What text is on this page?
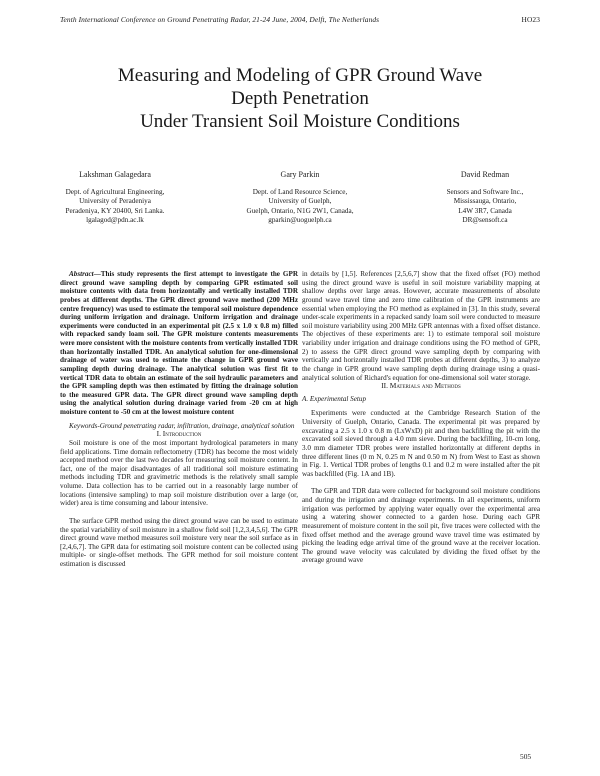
Tenth International Conference on Ground Penetrating Radar, 21-24 June, 2004, Delft, The Netherlands	HO23
Measuring and Modeling of GPR Ground Wave
Depth Penetration
Under Transient Soil Moisture Conditions
Lakshman Galagedara
Dept. of Agricultural Engineering,
University of Peradeniya
Peradeniya, KY 20400, Sri Lanka.
lgalagod@pdn.ac.lk
Gary Parkin
Dept. of Land Resource Science,
University of Guelph,
Guelph, Ontario, N1G 2W1, Canada,
gparkin@uoguelph.ca
David Redman
Sensors and Software Inc.,
Mississauga, Ontario,
L4W 3R7, Canada
DR@sensoft.ca

Abstract—This study represents the first attempt to investigate the GPR direct ground wave sampling depth by comparing GPR estimated soil moisture contents with data from horizontally and vertically installed TDR probes at different depths. The GPR direct ground wave method (200 MHz centre frequency) was used to estimate the temporal soil moisture dependence during uniform irrigation and drainage. Uniform irrigation and drainage experiments were conducted in an experimental pit (2.5 x 1.0 x 0.8 m) filled with repacked sandy loam soil. The GPR moisture contents measurements were more consistent with the moisture contents from vertically installed TDR than horizontally installed TDR. An analytical solution for one-dimensional drainage of water was used to estimate the change in GPR ground wave sampling depth during drainage. The analytical solution was first fit to vertical TDR data to obtain an estimate of the soil hydraulic parameters and the GPR sampling depth was then estimated by fitting the drainage solution to the measured GPR data. The GPR direct ground wave sampling depth using the analytical solution during drainage varied from -20 cm at high moisture content to -50 cm at the lowest moisture content

Keywords-Ground penetrating radar, infiltration, drainage, analytical solution

I. Introduction

Soil moisture is one of the most important hydrological parameters in many field applications. Time domain reflectometry (TDR) has become the most widely accepted method over the last two decades for measuring soil moisture content. In fact, one of the major disadvantages of all traditional soil moisture estimating methods including TDR and gravimetric methods is the relatively small sample volume. Data collection has to be carried out in a reasonably large number of locations (intensive sampling) to map soil moisture distribution over a large (or, wider) area is time consuming and labour intensive.

The surface GPR method using the direct ground wave can be used to estimate the spatial variability of soil moisture in a shallow field soil [1,2,3,4,5,6]. The GPR direct ground wave method measures soil moisture very near the soil surface as in [2,4,6,7]. The GPR data for estimating soil moisture content can be collected using multiple- or single-offset methods. The GPR method for soil moisture content estimation is discussed

in details by [1,5]. References [2,5,6,7] show that the fixed offset (FO) method using the direct ground wave is useful in soil moisture variability mapping at shallow depths over large areas. However, accurate measurements of absolute ground wave travel time and zero time calibration of the GPR instruments are essential when employing the FO method as explained in [3]. In this study, several under-scale experiments in a repacked sandy loam soil were conducted to measure soil moisture variability using 200 MHz GPR antennas with a fixed offset distance. The objectives of these experiments are: 1) to estimate temporal soil moisture variability under irrigation and drainage conditions using the FO method of GPR, 2) to assess the GPR direct ground wave sampling depth by comparing with vertically and horizontally installed TDR probes at different depths, 3) to analyze the change in GPR ground wave sampling depth during drainage using a quasi-analytical solution of Richard's equation for one-dimensional soil water storage.

II. Materials and Methods

A. Experimental Setup

Experiments were conducted at the Cambridge Research Station of the University of Guelph, Ontario, Canada. The experimental pit was prepared by excavating a 2.5 x 1.0 x 0.8 m (LxWxD) pit and then backfilling the pit with the excavated soil sieved through a 4.0 mm sieve. During the backfilling, 10-cm long, 3.0 mm diameter TDR probes were installed horizontally at different depths in three different lines (0 m N, 0.25 m N and 0.50 m N) from West to East as shown in Fig. 1. Vertical TDR probes of lengths 0.1 and 0.2 m were installed after the pit was backfilled (Fig. 1A and 1B).

The GPR and TDR data were collected for background soil moisture conditions and during the irrigation and drainage experiments. In all experiments, uniform irrigation was performed by applying water equally over the experimental area using a watering shower connected to a garden hose. During each GPR measurement of moisture content in the soil pit, five traces were collected with the fixed offset method and the average ground wave travel time was estimated by picking the leading edge arrival time of the ground wave at the receiver location. The ground wave velocity was calculated by dividing the fixed offset by the average ground wave

505
